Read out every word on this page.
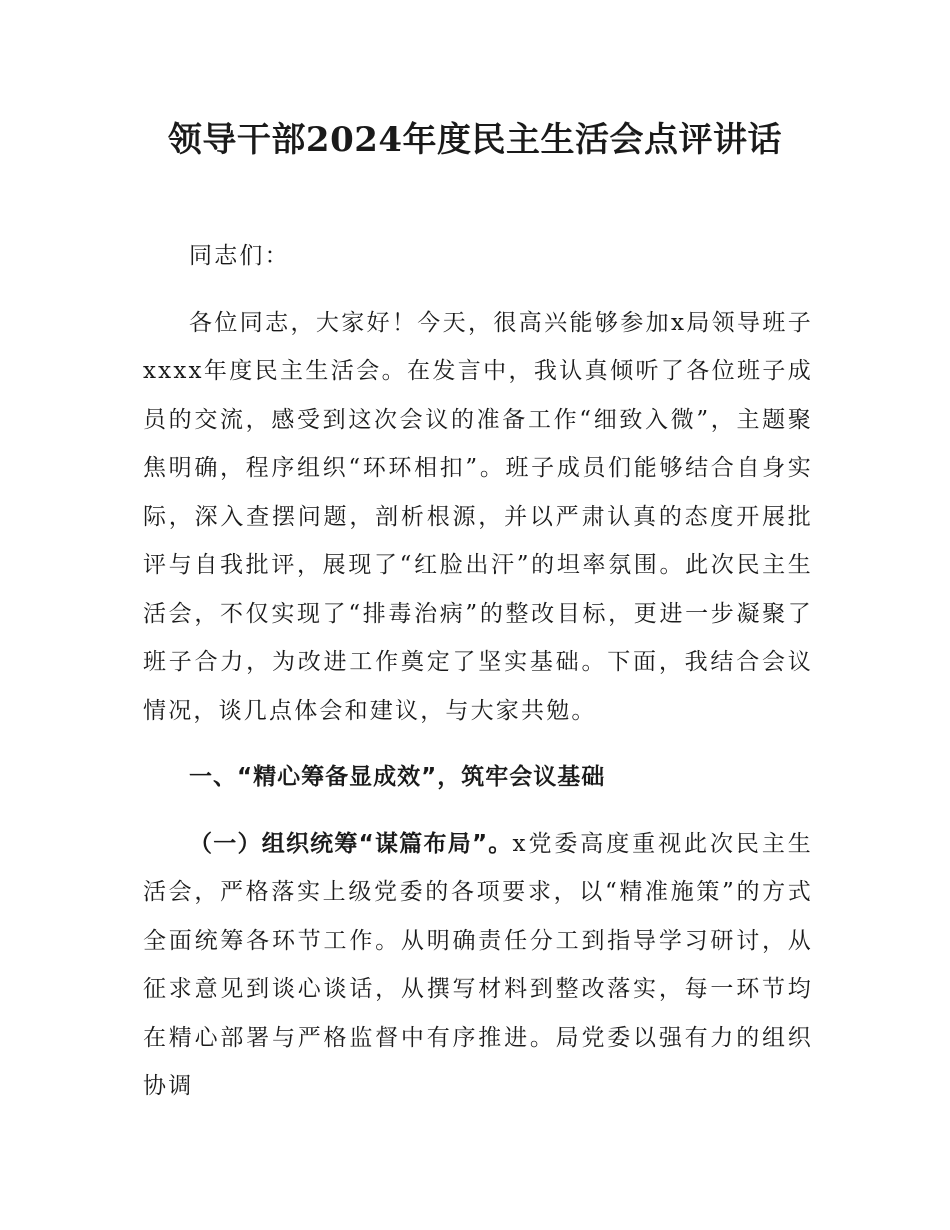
领导干部2024年度民主生活会点评讲话

同志们：

各位同志，大家好！今天，很高兴能够参加x局领导班子xxxx年度民主生活会。在发言中，我认真倾听了各位班子成员的交流，感受到这次会议的准备工作“细致入微”，主题聚焦明确，程序组织“环环相扣”。班子成员们能够结合自身实际，深入查摆问题，剖析根源，并以严肃认真的态度开展批评与自我批评，展现了“红脸出汗”的坦率氛围。此次民主生活会，不仅实现了“排毒治病”的整改目标，更进一步凝聚了班子合力，为改进工作奠定了坚实基础。下面，我结合会议情况，谈几点体会和建议，与大家共勉。

一、“精心筹备显成效”，筑牢会议基础

（一）组织统筹“谋篇布局”。x党委高度重视此次民主生活会，严格落实上级党委的各项要求，以“精准施策”的方式全面统筹各环节工作。从明确责任分工到指导学习研讨，从征求意见到谈心谈话，从撰写材料到整改落实，每一环节均在精心部署与严格监督中有序推进。局党委以强有力的组织协调
